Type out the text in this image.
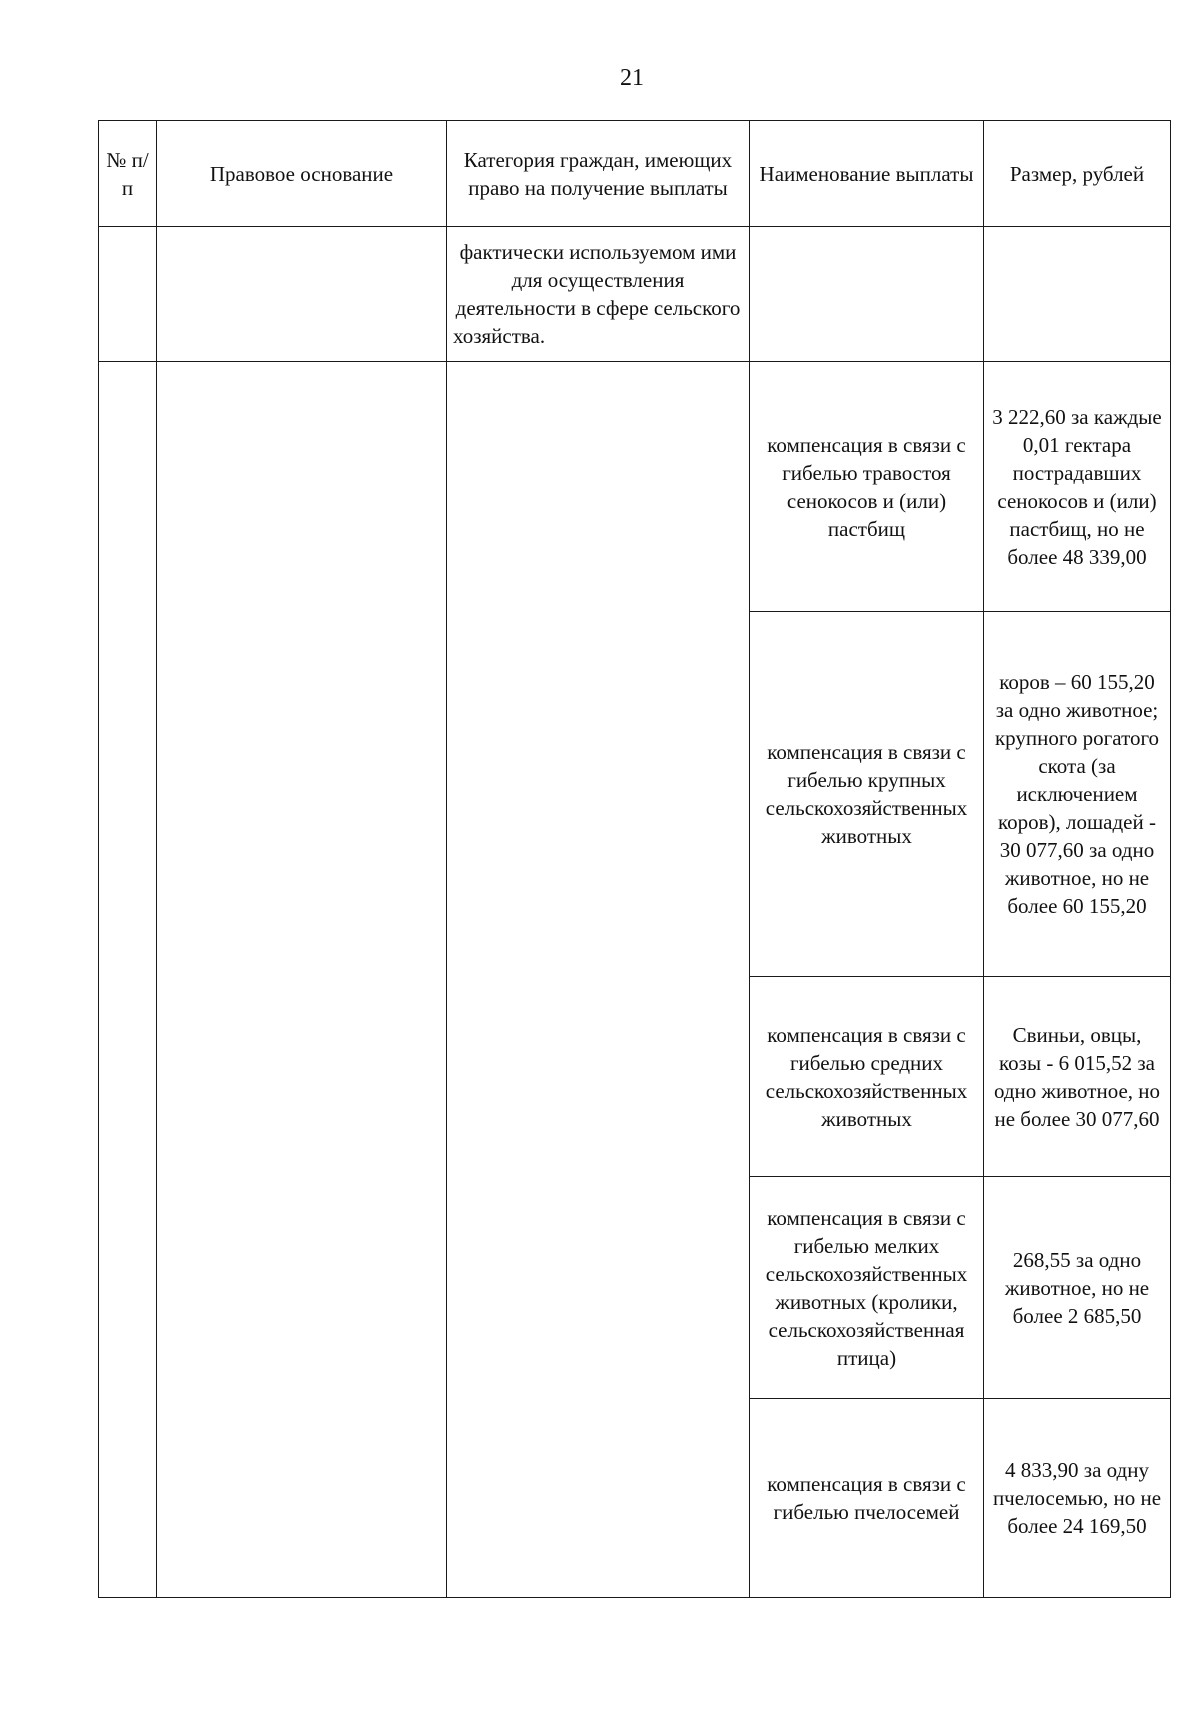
21
№ п/п	Правовое основание	Категория граждан, имеющих право на получение выплаты	Наименование выплаты	Размер, рублей

		фактически используемом ими для осуществления деятельности в сфере сельского хозяйства.		
			компенсация в связи с гибелью травостоя сенокосов и (или) пастбищ	3 222,60 за каждые 0,01 гектара пострадавших сенокосов и (или) пастбищ, но не более 48 339,00
			компенсация в связи с гибелью крупных сельскохозяйственных животных	коров – 60 155,20 за одно животное; крупного рогатого скота (за исключением коров), лошадей - 30 077,60 за одно животное, но не более 60 155,20
			компенсация в связи с гибелью средних сельскохозяйственных животных	Свиньи, овцы, козы - 6 015,52 за одно животное, но не более 30 077,60
			компенсация в связи с гибелью мелких сельскохозяйственных животных (кролики, сельскохозяйственная птица)	268,55 за одно животное, но не более 2 685,50
			компенсация в связи с гибелью пчелосемей	4 833,90 за одну пчелосемью, но не более 24 169,50
